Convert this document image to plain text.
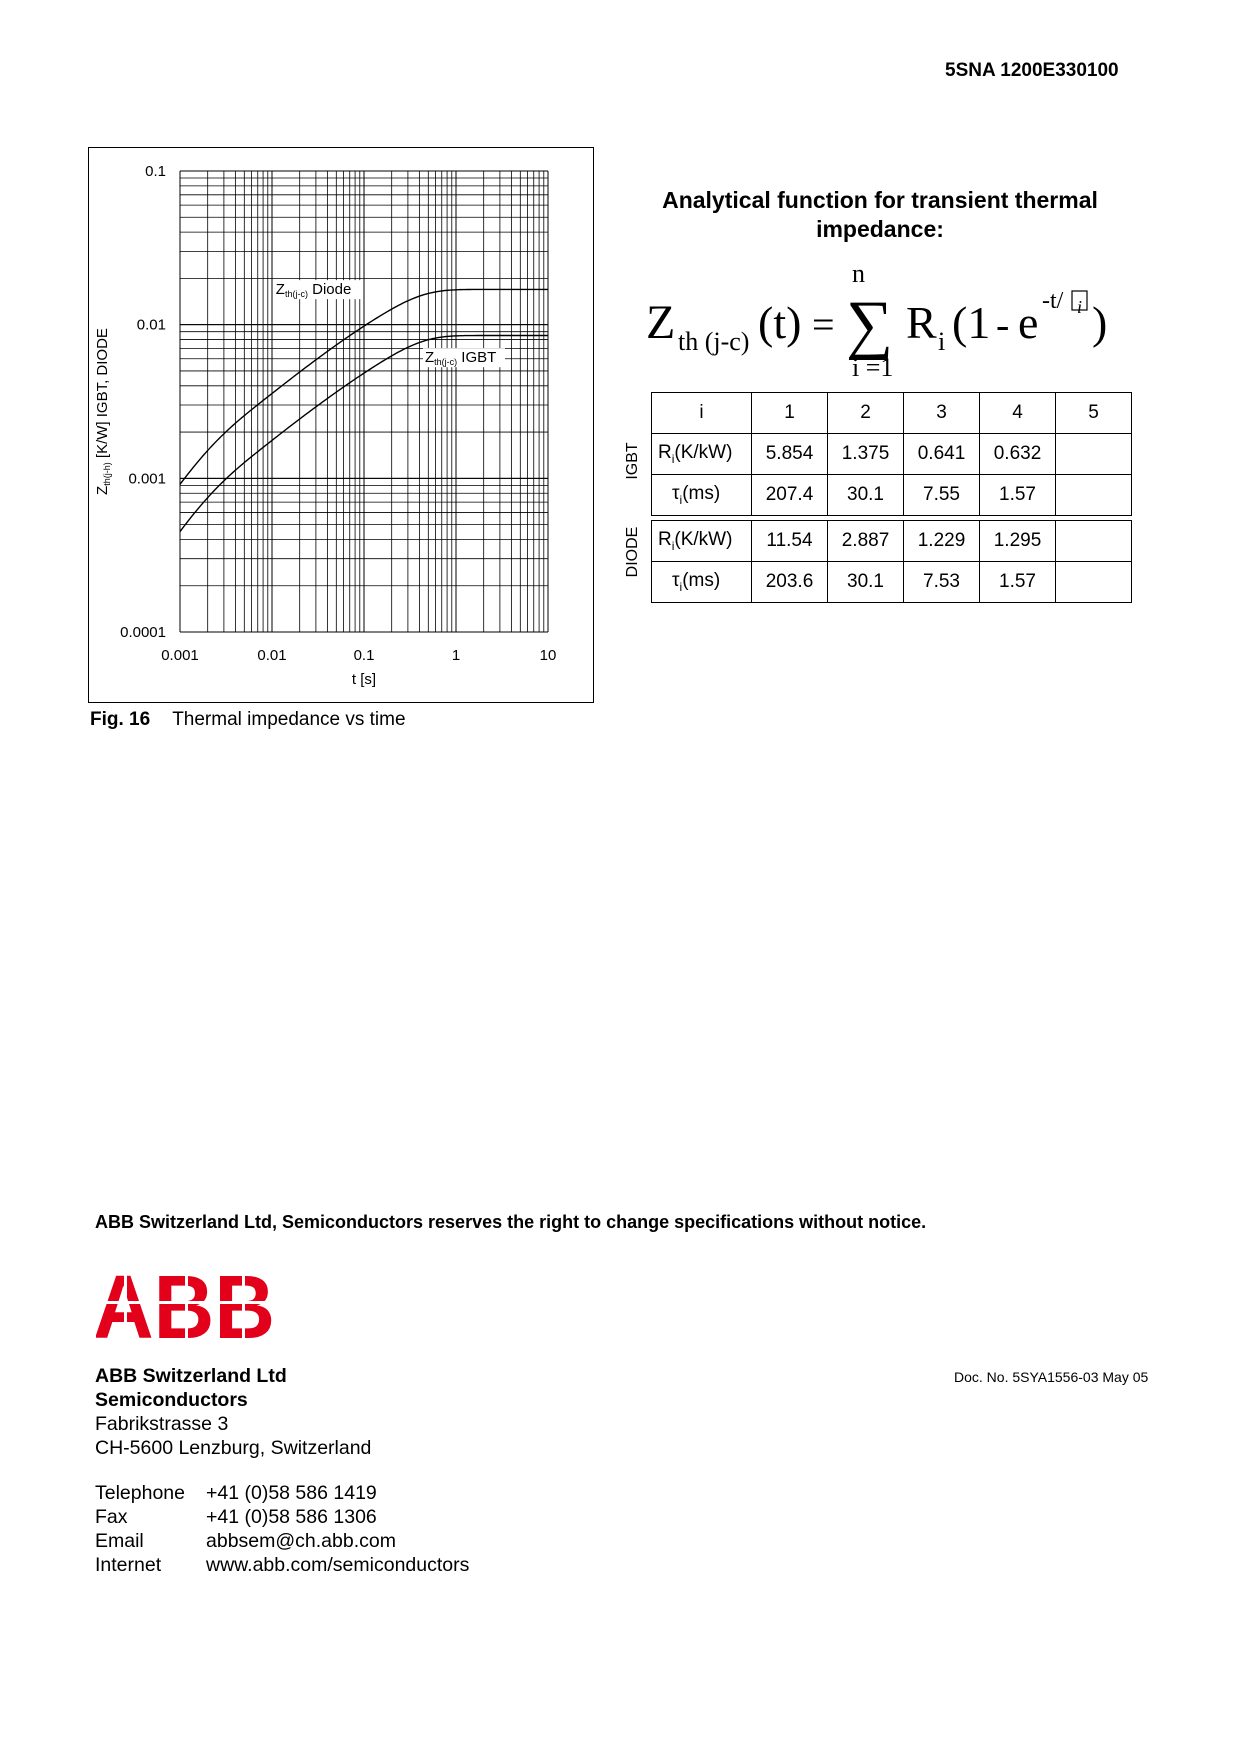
5SNA 1200E330100
0.001	0.01	0.1	1	10
0.1
0.01
0.001
0.0001
t [s]
$Z_{th(j-h)}$ [K/W] IGBT, DIODE
$Z_{th(j-c)}$ Diode
$Z_{th(j-c)}$ IGBT
Fig. 16 Thermal impedance vs time
Analytical function for transient thermal
impedance:
Z th (j-c) (t) =
n
∑
i =1
R i (1 - e -t/ i )
IGBT
DIODE
i	1	2	3	4	5
$R_i(K/kW)$	5.854	1.375	0.641	0.632	
$\tau_i(ms)$	207.4	30.1	7.55	1.57	

$R_i(K/kW)$	11.54	2.887	1.229	1.295	
$\tau_i(ms)$	203.6	30.1	7.53	1.57	
ABB Switzerland Ltd, Semiconductors reserves the right to change specifications without notice.
ABB Switzerland Ltd
Semiconductors
Fabrikstrasse 3
CH-5600 Lenzburg, Switzerland
Doc. No. 5SYA1556-03 May 05
Telephone +41 (0)58 586 1419
Fax	+41 (0)58 586 1306
Email	abbsem@ch.abb.com
Internet www.abb.com/semiconductors
